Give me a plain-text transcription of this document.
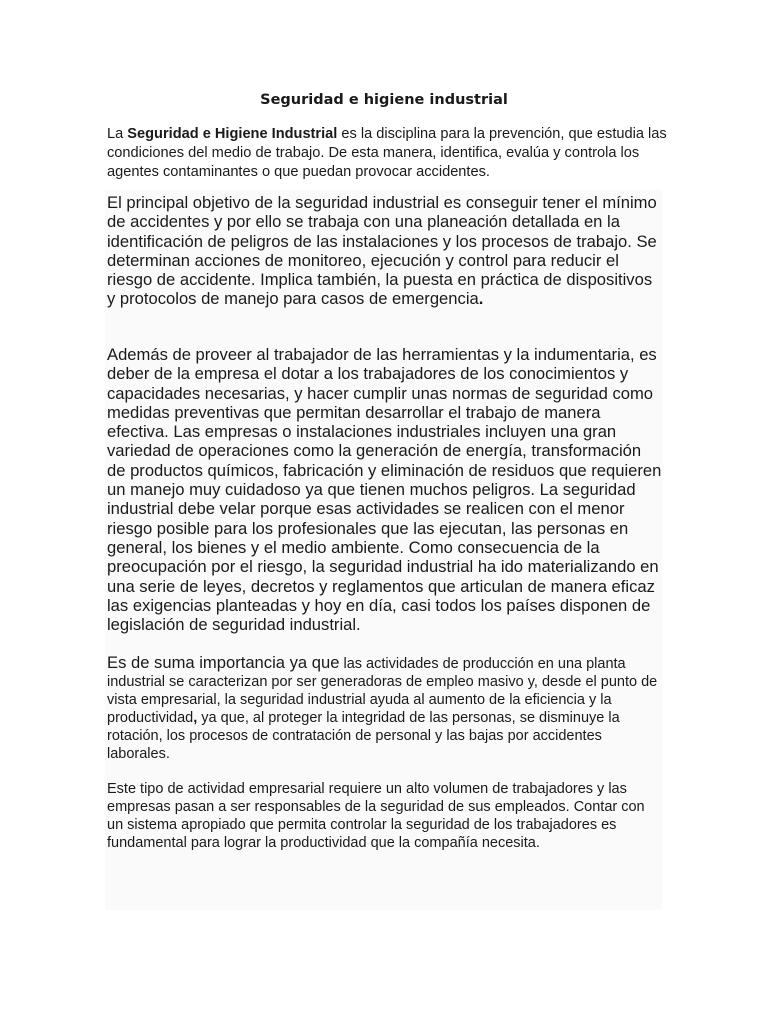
Seguridad e higiene industrial

La Seguridad e Higiene Industrial es la disciplina para la prevención, que estudia las condiciones del medio de trabajo. De esta manera, identifica, evalúa y controla los agentes contaminantes o que puedan provocar accidentes.

El principal objetivo de la seguridad industrial es conseguir tener el mínimo de accidentes y por ello se trabaja con una planeación detallada en la identificación de peligros de las instalaciones y los procesos de trabajo. Se determinan acciones de monitoreo, ejecución y control para reducir el riesgo de accidente. Implica también, la puesta en práctica de dispositivos y protocolos de manejo para casos de emergencia.

Además de proveer al trabajador de las herramientas y la indumentaria, es deber de la empresa el dotar a los trabajadores de los conocimientos y capacidades necesarias, y hacer cumplir unas normas de seguridad como medidas preventivas que permitan desarrollar el trabajo de manera efectiva. Las empresas o instalaciones industriales incluyen una gran variedad de operaciones como la generación de energía, transformación de productos químicos, fabricación y eliminación de residuos que requieren un manejo muy cuidadoso ya que tienen muchos peligros. La seguridad industrial debe velar porque esas actividades se realicen con el menor riesgo posible para los profesionales que las ejecutan, las personas en general, los bienes y el medio ambiente. Como consecuencia de la preocupación por el riesgo, la seguridad industrial ha ido materializando en una serie de leyes, decretos y reglamentos que articulan de manera eficaz las exigencias planteadas y hoy en día, casi todos los países disponen de legislación de seguridad industrial.

Es de suma importancia ya que las actividades de producción en una planta industrial se caracterizan por ser generadoras de empleo masivo y, desde el punto de vista empresarial, la seguridad industrial ayuda al aumento de la eficiencia y la productividad, ya que, al proteger la integridad de las personas, se disminuye la rotación, los procesos de contratación de personal y las bajas por accidentes laborales.

Este tipo de actividad empresarial requiere un alto volumen de trabajadores y las empresas pasan a ser responsables de la seguridad de sus empleados. Contar con un sistema apropiado que permita controlar la seguridad de los trabajadores es fundamental para lograr la productividad que la compañía necesita.
